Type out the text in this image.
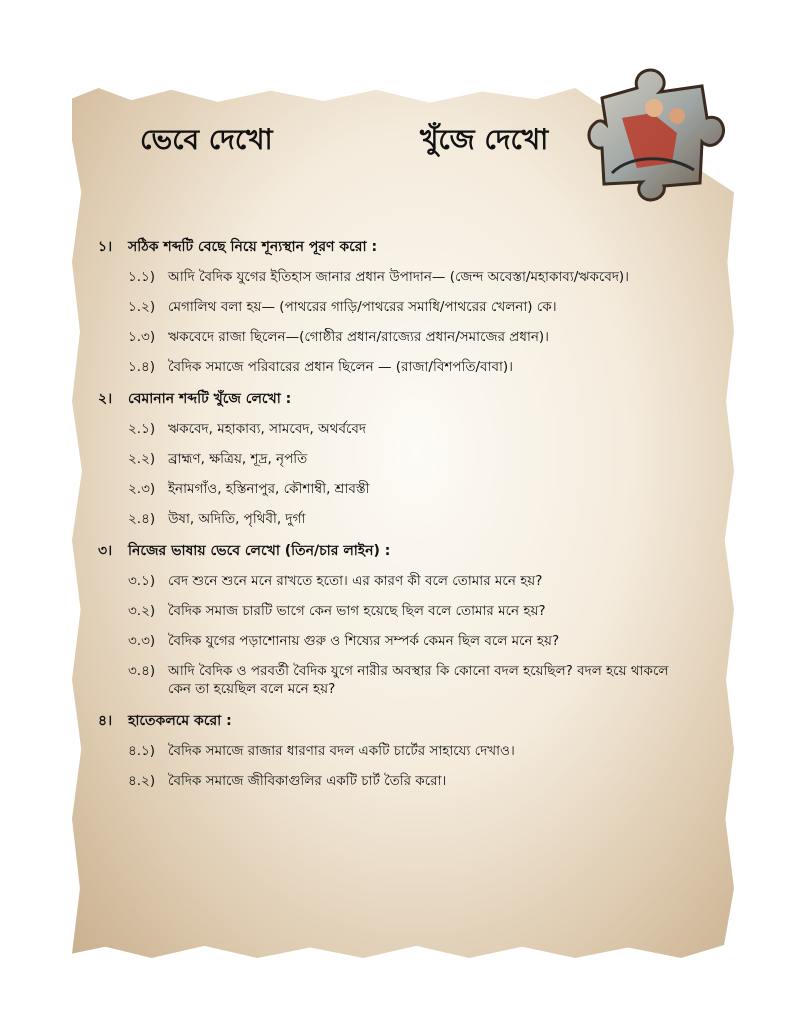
ভেবে দেখো	খুঁজে দেখো
১।	সঠিক শব্দটি বেছে নিয়ে শূন্যস্থান পূরণ করো :
১.১) আদি বৈদিক যুগের ইতিহাস জানার প্রধান উপাদান— (জেন্দ অবেস্তা/মহাকাব্য/ঋকবেদ)।
১.২) মেগালিথ বলা হয়— (পাথরের গাড়ি/পাথরের সমাধি/পাথরের খেলনা) কে।
১.৩) ঋকবেদে রাজা ছিলেন—(গোষ্ঠীর প্রধান/রাজ্যের প্রধান/সমাজের প্রধান)।
১.৪) বৈদিক সমাজে পরিবারের প্রধান ছিলেন — (রাজা/বিশপতি/বাবা)।
২।	বেমানান শব্দটি খুঁজে লেখো :
২.১) ঋকবেদ, মহাকাব্য, সামবেদ, অথর্ববেদ
২.২) ব্রাহ্মণ, ক্ষত্রিয়, শূদ্র, নৃপতি
২.৩) ইনামগাঁও, হস্তিনাপুর, কৌশাম্বী, শ্রাবস্তী
২.৪) উষা, অদিতি, পৃথিবী, দুর্গা
৩।	নিজের ভাষায় ভেবে লেখো (তিন/চার লাইন) :
৩.১) বেদ শুনে শুনে মনে রাখতে হতো। এর কারণ কী বলে তোমার মনে হয়?
৩.২) বৈদিক সমাজ চারটি ভাগে কেন ভাগ হয়েছে ছিল বলে তোমার মনে হয়?
৩.৩) বৈদিক যুগের পড়াশোনায় গুরু ও শিষ্যের সম্পর্ক কেমন ছিল বলে মনে হয়?
৩.৪) আদি বৈদিক ও পরবর্তী বৈদিক যুগে নারীর অবস্থার কি কোনো বদল হয়েছিল? বদল হয়ে থাকলে কেন তা হয়েছিল বলে মনে হয়?
৪।	হাতেকলমে করো :
৪.১) বৈদিক সমাজে রাজার ধারণার বদল একটি চার্টের সাহায্যে দেখাও।
৪.২) বৈদিক সমাজে জীবিকাগুলির একটি চার্ট তৈরি করো।
